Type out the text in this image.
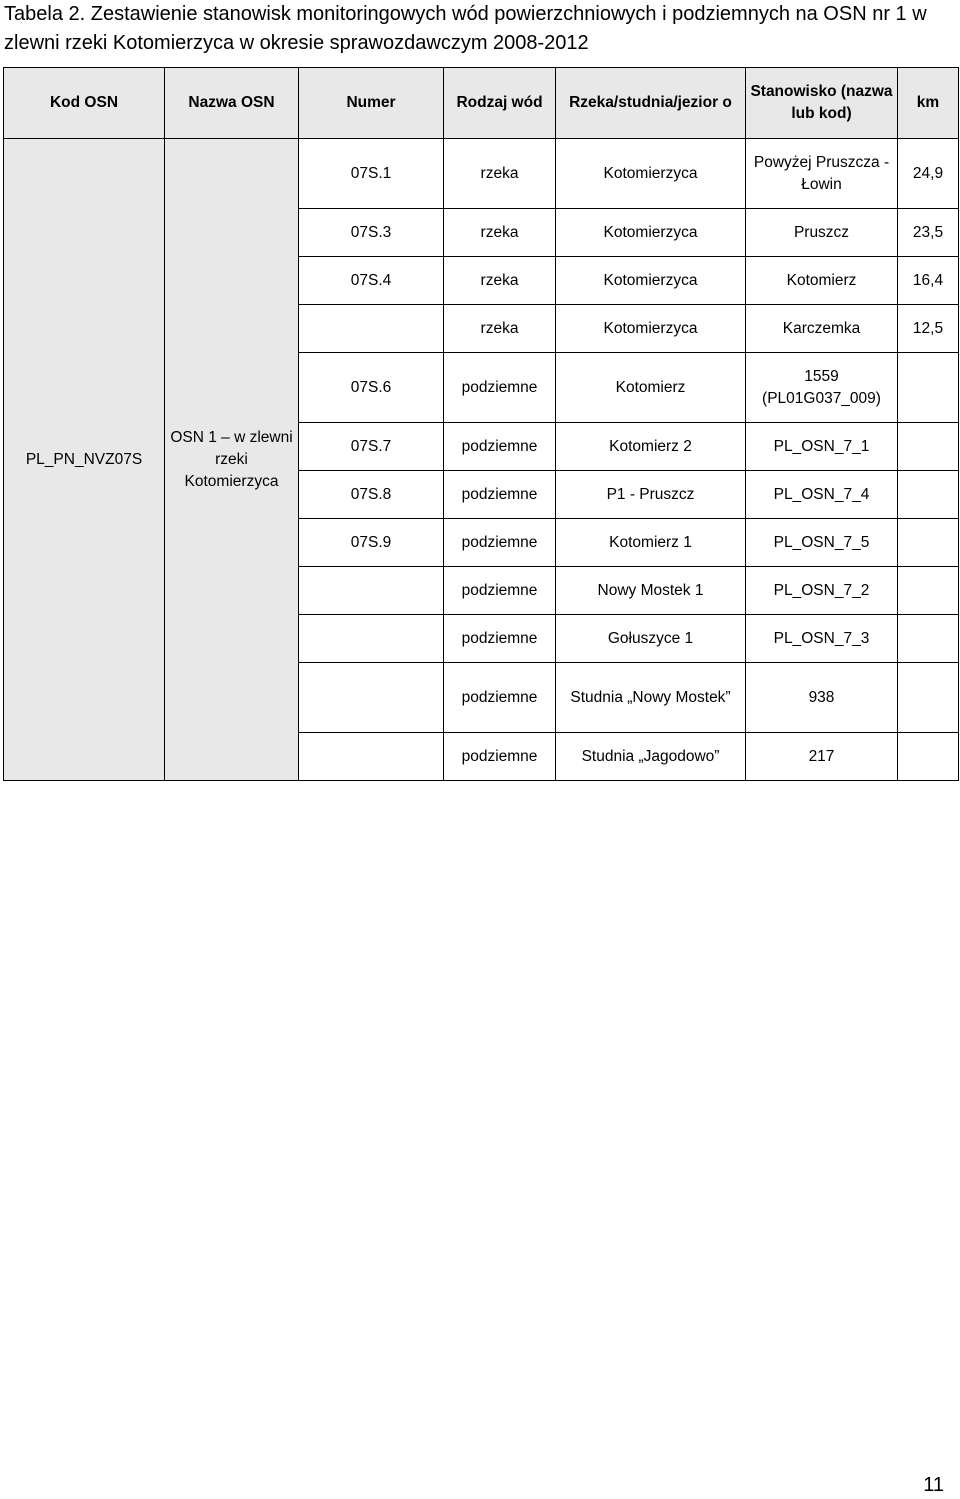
Tabela 2. Zestawienie stanowisk monitoringowych wód powierzchniowych i podziemnych na OSN nr 1 w zlewni rzeki Kotomierzyca w okresie sprawozdawczym 2008-2012
Kod OSN	Nazwa OSN	Numer	Rodzaj wód	Rzeka/studnia/jezior o	Stanowisko (nazwa lub kod)	km
PL_PN_NVZ07S	OSN 1 – w zlewni rzeki Kotomierzyca	07S.1	rzeka	Kotomierzyca	Powyżej Pruszcza - Łowin	24,9
		07S.3	rzeka	Kotomierzyca	Pruszcz	23,5
		07S.4	rzeka	Kotomierzyca	Kotomierz	16,4
			rzeka	Kotomierzyca	Karczemka	12,5
		07S.6	podziemne	Kotomierz	1559 (PL01G037_009)	
		07S.7	podziemne	Kotomierz 2	PL_OSN_7_1	
		07S.8	podziemne	P1 - Pruszcz	PL_OSN_7_4	
		07S.9	podziemne	Kotomierz 1	PL_OSN_7_5	
			podziemne	Nowy Mostek 1	PL_OSN_7_2	
			podziemne	Gołuszyce 1	PL_OSN_7_3	
			podziemne	Studnia „Nowy Mostek”	938	
			podziemne	Studnia „Jagodowo”	217	
11
